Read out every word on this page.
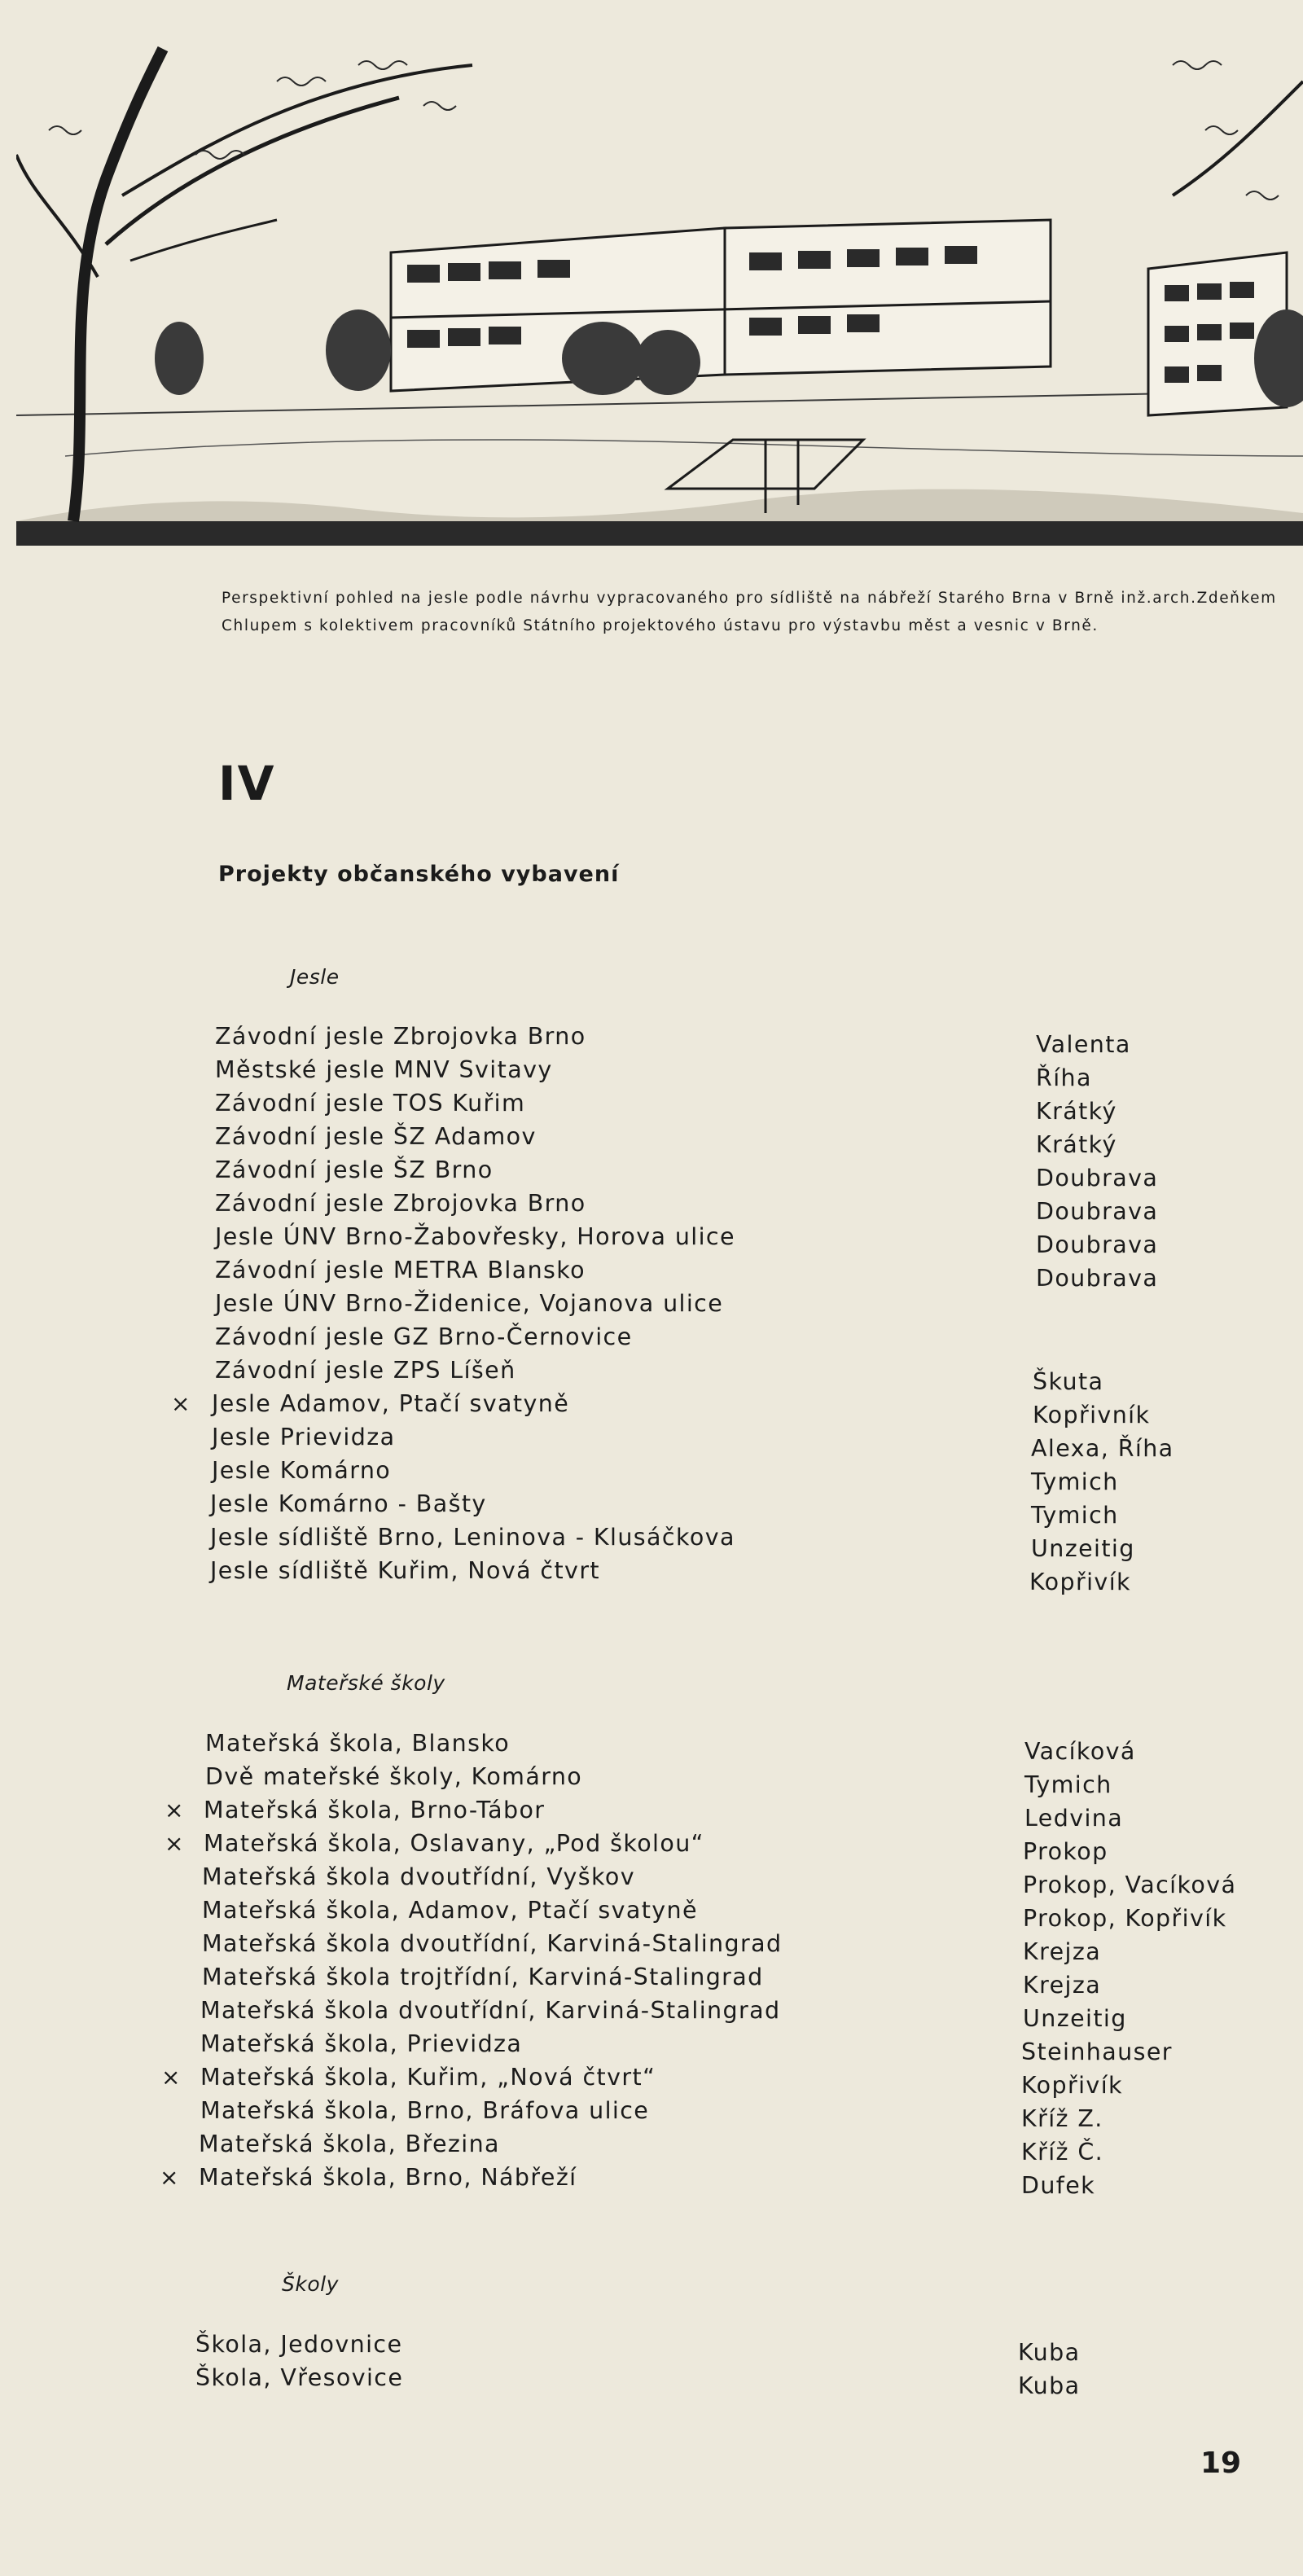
Perspektivní pohled na jesle podle návrhu vypracovaného pro sídliště na nábřeží Starého Brna v Brně inž.arch.Zdeňkem Chlupem s kolektivem pracovníků Státního projektového ústavu pro výstavbu měst a vesnic v Brně.
IV
Projekty občanského vybavení
Jesle
Závodní jesle Zbrojovka Brno	Valenta
Městské jesle MNV Svitavy	Říha
Závodní jesle TOS Kuřim	Krátký
Závodní jesle ŠZ Adamov	Krátký
Závodní jesle ŠZ Brno	Doubrava
Závodní jesle Zbrojovka Brno	Doubrava
Jesle ÚNV Brno-Žabovřesky, Horova ulice	Doubrava
Závodní jesle METRA Blansko	Doubrava
Jesle ÚNV Brno-Židenice, Vojanova ulice
Závodní jesle GZ Brno-Černovice
Závodní jesle ZPS Líšeň	Škuta
× Jesle Adamov, Ptačí svatyně	Kopřivník
Jesle Prievidza	Alexa, Říha
Jesle Komárno	Tymich
Jesle Komárno - Bašty	Tymich
Jesle sídliště Brno, Leninova - Klusáčkova	Unzeitig
Jesle sídliště Kuřim, Nová čtvrt	Kopřivík
Mateřské školy
Mateřská škola, Blansko	Vacíková
Dvě mateřské školy, Komárno	Tymich
× Mateřská škola, Brno-Tábor	Ledvina
× Mateřská škola, Oslavany, „Pod školou“	Prokop
Mateřská škola dvoutřídní, Vyškov	Prokop, Vacíková
Mateřská škola, Adamov, Ptačí svatyně	Prokop, Kopřivík
Mateřská škola dvoutřídní, Karviná-Stalingrad	Krejza
Mateřská škola trojtřídní, Karviná-Stalingrad	Krejza
Mateřská škola dvoutřídní, Karviná-Stalingrad	Unzeitig
Mateřská škola, Prievidza	Steinhauser
× Mateřská škola, Kuřim, „Nová čtvrt“	Kopřivík
Mateřská škola, Brno, Bráfova ulice	Kříž Z.
Mateřská škola, Březina	Kříž Č.
× Mateřská škola, Brno, Nábřeží	Dufek
Školy
Škola, Jedovnice	Kuba
Škola, Vřesovice	Kuba
19
